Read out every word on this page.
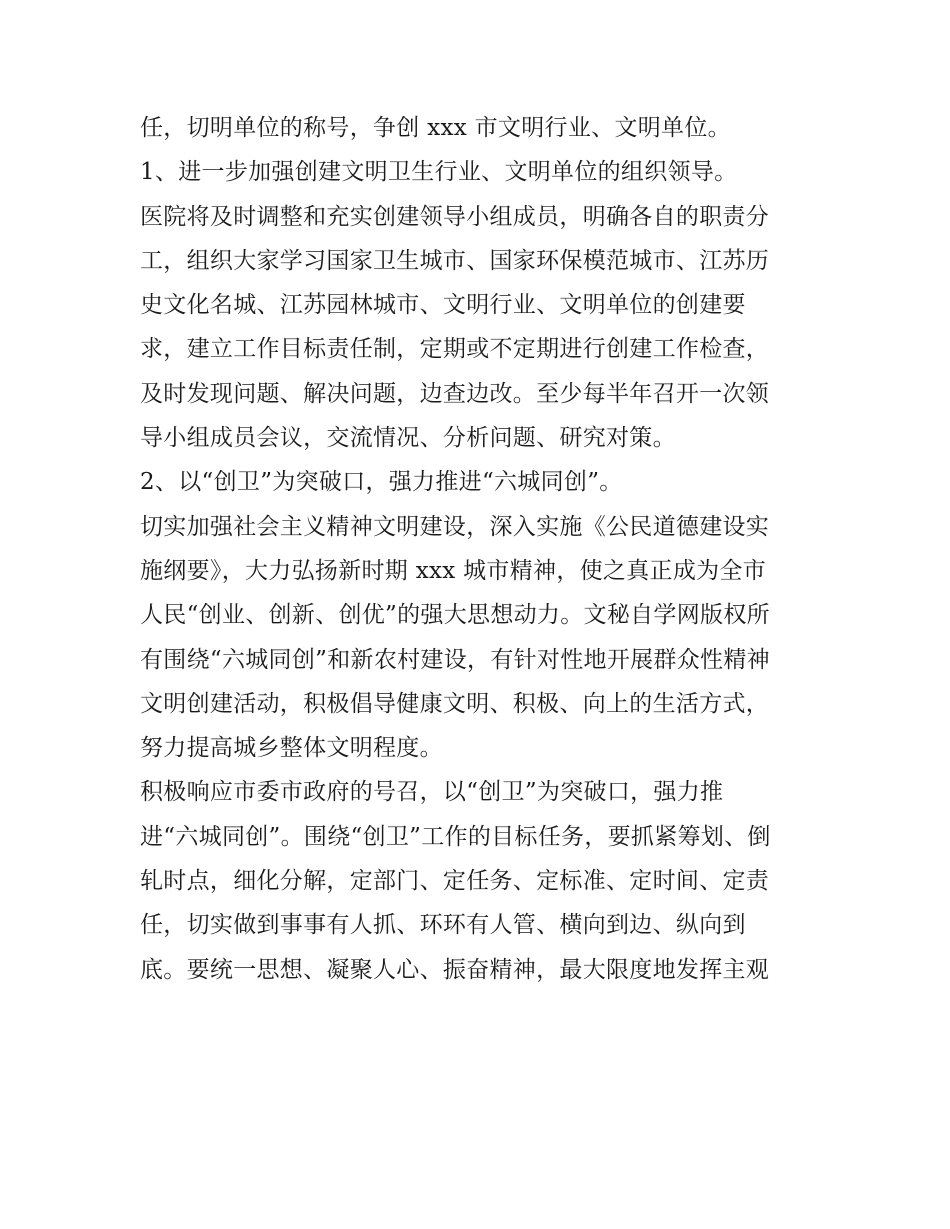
任，切明单位的称号，争创 xxx 市文明行业、文明单位。
1、进一步加强创建文明卫生行业、文明单位的组织领导。
医院将及时调整和充实创建领导小组成员，明确各自的职责分
工，组织大家学习国家卫生城市、国家环保模范城市、江苏历
史文化名城、江苏园林城市、文明行业、文明单位的创建要
求，建立工作目标责任制，定期或不定期进行创建工作检查，
及时发现问题、解决问题，边查边改。至少每半年召开一次领
导小组成员会议，交流情况、分析问题、研究对策。
2、以“创卫”为突破口，强力推进“六城同创”。
切实加强社会主义精神文明建设，深入实施《公民道德建设实
施纲要》，大力弘扬新时期 xxx 城市精神，使之真正成为全市
人民“创业、创新、创优”的强大思想动力。文秘自学网版权所
有围绕“六城同创”和新农村建设，有针对性地开展群众性精神
文明创建活动，积极倡导健康文明、积极、向上的生活方式，
努力提高城乡整体文明程度。
积极响应市委市政府的号召，以“创卫”为突破口，强力推
进“六城同创”。围绕“创卫”工作的目标任务，要抓紧筹划、倒
轧时点，细化分解，定部门、定任务、定标准、定时间、定责
任，切实做到事事有人抓、环环有人管、横向到边、纵向到
底。要统一思想、凝聚人心、振奋精神，最大限度地发挥主观
